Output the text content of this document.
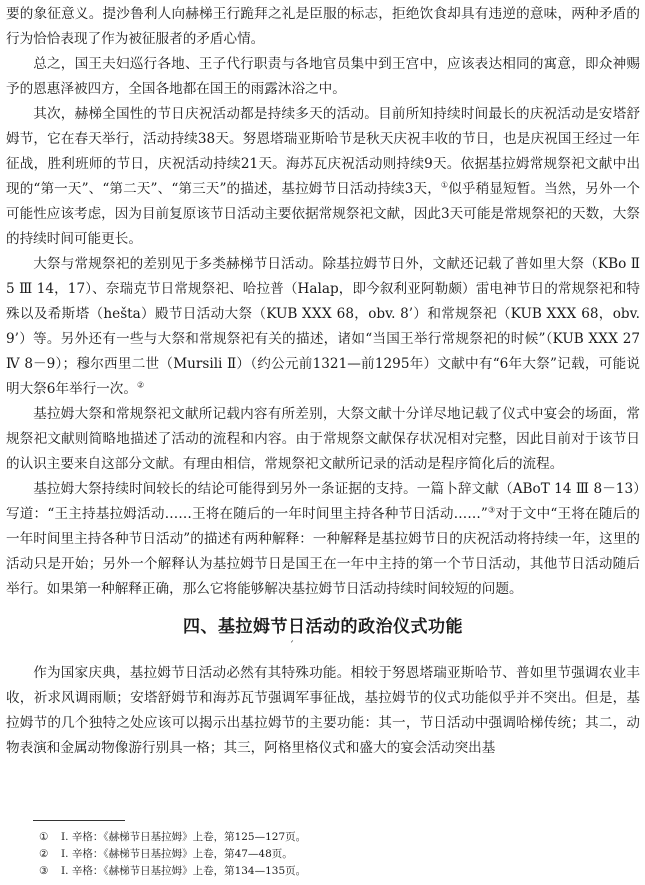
要的象征意义。提沙鲁利人向赫梯王行跪拜之礼是臣服的标志，拒绝饮食却具有违逆的意味，两种矛盾的行为恰恰表现了作为被征服者的矛盾心情。

总之，国王夫妇巡行各地、王子代行职责与各地官员集中到王宫中，应该表达相同的寓意，即众神赐予的恩惠泽被四方，全国各地都在国王的雨露沐浴之中。

其次，赫梯全国性的节日庆祝活动都是持续多天的活动。目前所知持续时间最长的庆祝活动是安塔舒姆节，它在春天举行，活动持续38天。努恩塔瑞亚斯哈节是秋天庆祝丰收的节日，也是庆祝国王经过一年征战，胜利班师的节日，庆祝活动持续21天。海苏瓦庆祝活动则持续9天。依据基拉姆常规祭祀文献中出现的“第一天”、“第二天”、“第三天”的描述，基拉姆节日活动持续3天，①似乎稍显短暂。当然，另外一个可能性应该考虑，因为目前复原该节日活动主要依据常规祭祀文献，因此3天可能是常规祭祀的天数，大祭的持续时间可能更长。

大祭与常规祭祀的差别见于多类赫梯节日活动。除基拉姆节日外，文献还记载了普如里大祭（KBo Ⅱ 5 Ⅲ 14，17）、奈瑞克节日常规祭祀、哈拉普（Halap，即今叙利亚阿勒颇）雷电神节日的常规祭祀和特殊以及希斯塔（hešta）殿节日活动大祭（KUB ⅩⅩⅩ 68，obv. 8’）和常规祭祀（KUB ⅩⅩⅩ 68，obv. 9’）等。另外还有一些与大祭和常规祭祀有关的描述，诸如“当国王举行常规祭祀的时候”（KUB ⅩⅩⅩ 27 Ⅳ 8－9）；穆尔西里二世（Mursili Ⅱ）（约公元前1321—前1295年）文献中有“6年大祭”记载，可能说明大祭6年举行一次。②

基拉姆大祭和常规祭祀文献所记载内容有所差别，大祭文献十分详尽地记载了仪式中宴会的场面，常规祭祀文献则简略地描述了活动的流程和内容。由于常规祭文献保存状况相对完整，因此目前对于该节日的认识主要来自这部分文献。有理由相信，常规祭祀文献所记录的活动是程序简化后的流程。

基拉姆大祭持续时间较长的结论可能得到另外一条证据的支持。一篇卜辞文献（ABoT 14 Ⅲ 8－13）写道：“王主持基拉姆活动……王将在随后的一年时间里主持各种节日活动……”③对于文中“王将在随后的一年时间里主持各种节日活动”的描述有两种解释：一种解释是基拉姆节日的庆祝活动将持续一年，这里的活动只是开始；另外一个解释认为基拉姆节日是国王在一年中主持的第一个节日活动，其他节日活动随后举行。如果第一种解释正确，那么它将能够解决基拉姆节日活动持续时间较短的问题。

四、基拉姆节日活动的政治仪式功能
ˊ

作为国家庆典，基拉姆节日活动必然有其特殊功能。相较于努恩塔瑞亚斯哈节、普如里节强调农业丰收，祈求风调雨顺；安塔舒姆节和海苏瓦节强调军事征战，基拉姆节的仪式功能似乎并不突出。但是，基拉姆节的几个独特之处应该可以揭示出基拉姆节的主要功能：其一，节日活动中强调哈梯传统；其二，动物表演和金属动物像游行别具一格；其三，阿格里格仪式和盛大的宴会活动突出基

① I. 辛格：《赫梯节日基拉姆》上卷，第125—127页。

② I. 辛格：《赫梯节日基拉姆》上卷，第47—48页。

③ I. 辛格：《赫梯节日基拉姆》上卷，第134—135页。
